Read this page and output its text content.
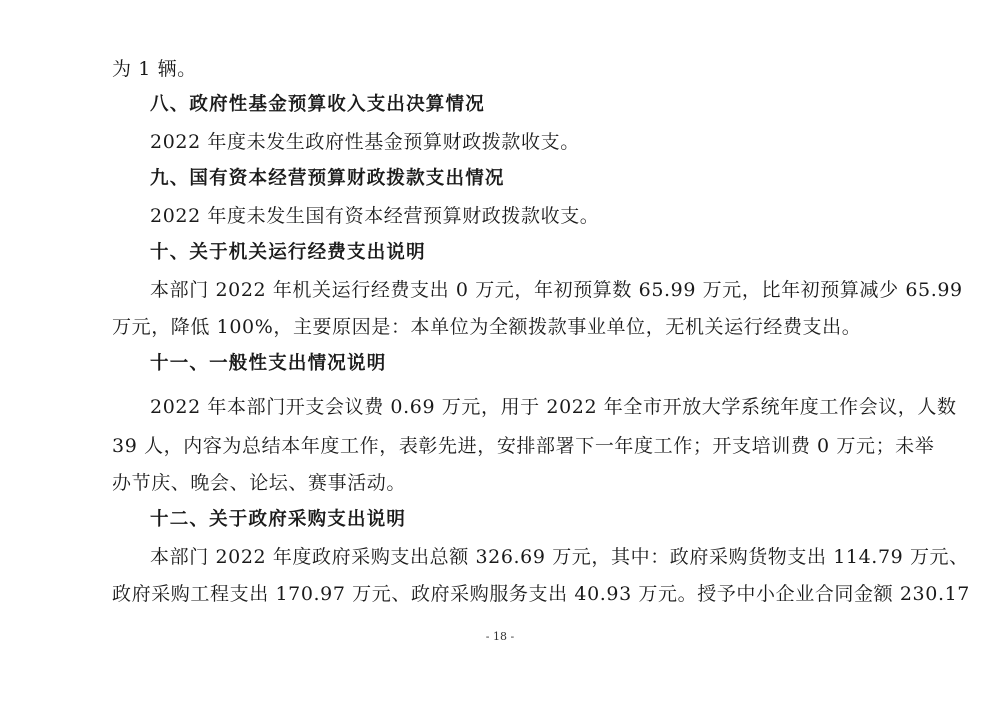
为 1 辆。
八、政府性基金预算收入支出决算情况
2022 年度未发生政府性基金预算财政拨款收支。
九、国有资本经营预算财政拨款支出情况
2022 年度未发生国有资本经营预算财政拨款收支。
十、关于机关运行经费支出说明
本部门 2022 年机关运行经费支出 0 万元，年初预算数 65.99 万元，比年初预算减少 65.99
万元，降低 100%，主要原因是：本单位为全额拨款事业单位，无机关运行经费支出。
十一、一般性支出情况说明
2022 年本部门开支会议费 0.69 万元，用于 2022 年全市开放大学系统年度工作会议，人数
39 人，内容为总结本年度工作，表彰先进，安排部署下一年度工作；开支培训费 0 万元；未举
办节庆、晚会、论坛、赛事活动。
十二、关于政府采购支出说明
本部门 2022 年度政府采购支出总额 326.69 万元，其中：政府采购货物支出 114.79 万元、
政府采购工程支出 170.97 万元、政府采购服务支出 40.93 万元。授予中小企业合同金额 230.17
- 18 -
